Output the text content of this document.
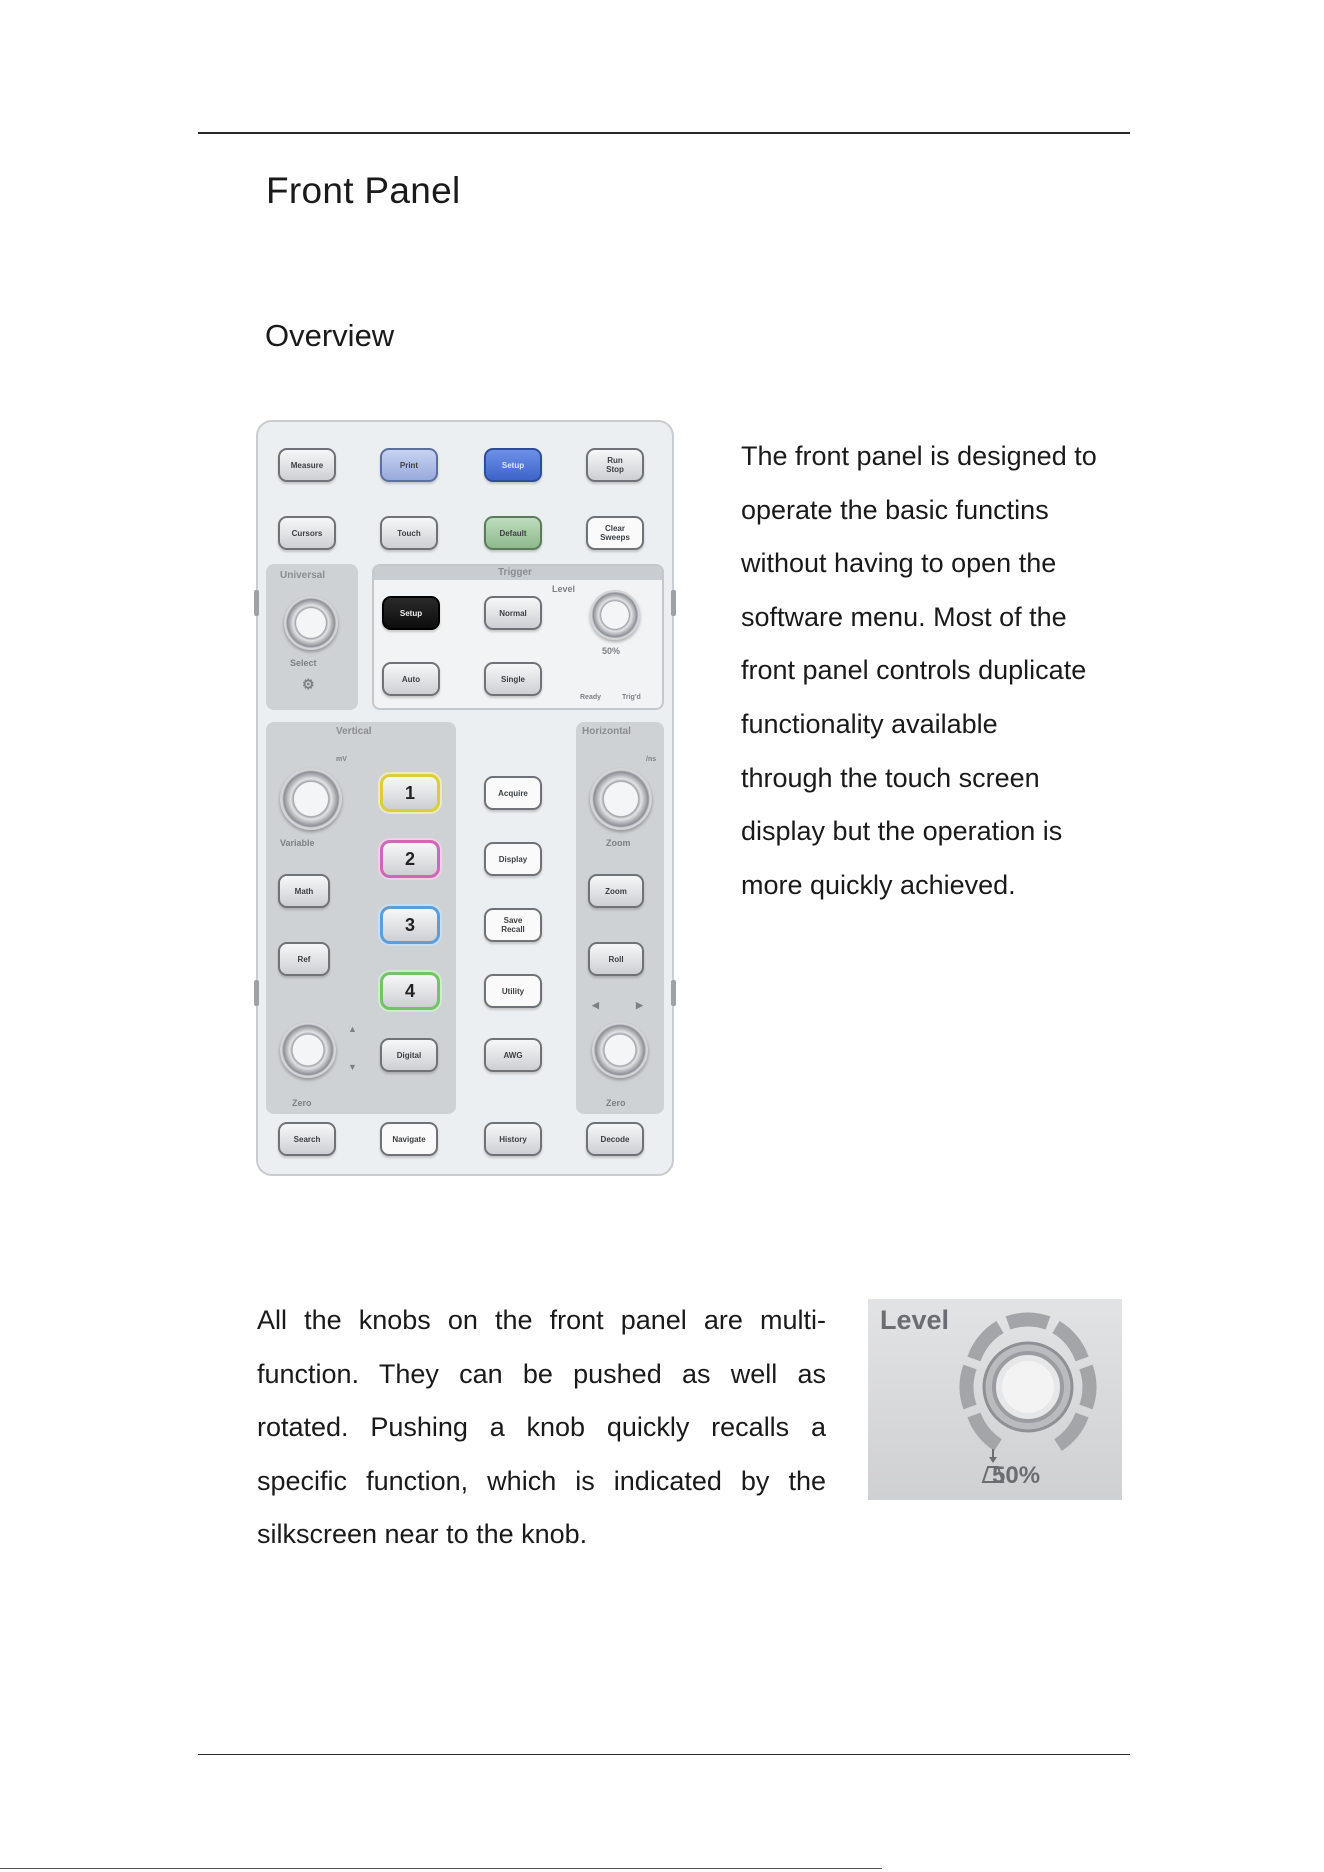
Front Panel
Overview
Measure	Print	Setup	Run
Stop
Cursors	Touch	Default	Clear
Sweeps
Universal
Select
⚙
Trigger
Level
50%
Ready	Trig'd
Setup	Normal
Auto	Single
Vertical
mV
Variable
▲
▼
Zero
Math
Ref
Digital
1
2
3
4
Acquire
Display
Save
Recall
Utility
AWG
Horizontal
/ns
Zoom
◀	▶
Zero
Zoom
Roll
Search	Navigate	History	Decode
The front panel is designed to
operate the basic functins
without having to open the
software menu. Most of the
front panel controls duplicate
functionality available
through the touch screen
display but the operation is
more quickly achieved.
All the knobs on the front panel are multi-
function. They can be pushed as well as
rotated. Pushing a knob quickly recalls a
specific function, which is indicated by the
silkscreen near to the knob.
Level
50%
